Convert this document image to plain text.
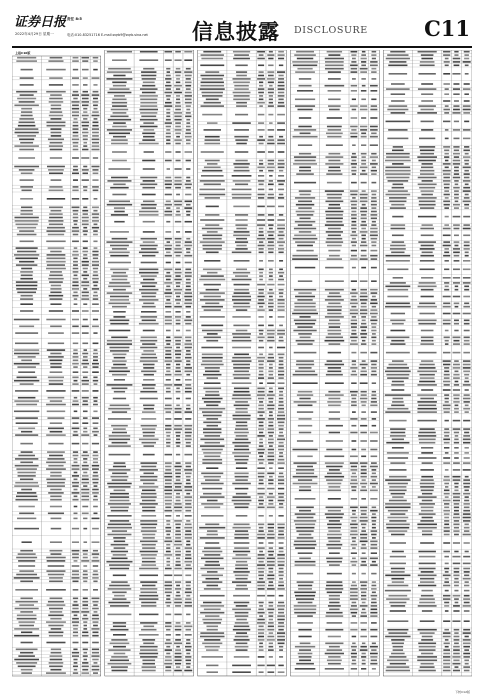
证券日报 责任 8:5
2022年4月29日 星期一	电话:010-83251716 E-mail:zqrb9@zqrb.sina.net 信息披露 DISCLOSURE	C11
上接C10版
下转C12版
